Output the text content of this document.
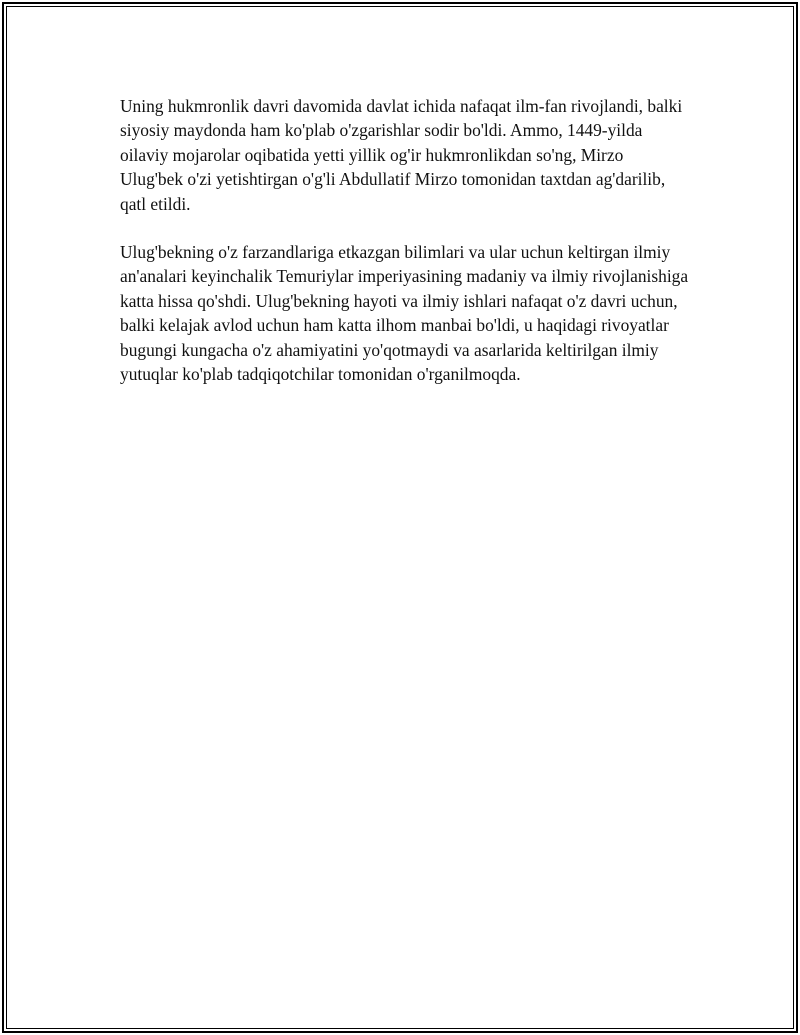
Uning hukmronlik davri davomida davlat ichida nafaqat ilm-fan rivojlandi, balki siyosiy maydonda ham ko'plab o'zgarishlar sodir bo'ldi. Ammo, 1449-yilda oilaviy mojarolar oqibatida yetti yillik og'ir hukmronlikdan so'ng, Mirzo Ulug'bek o'zi yetishtirgan o'g'li Abdullatif Mirzo tomonidan taxtdan ag'darilib, qatl etildi.

Ulug'bekning o'z farzandlariga etkazgan bilimlari va ular uchun keltirgan ilmiy an'analari keyinchalik Temuriylar imperiyasining madaniy va ilmiy rivojlanishiga katta hissa qo'shdi. Ulug'bekning hayoti va ilmiy ishlari nafaqat o'z davri uchun, balki kelajak avlod uchun ham katta ilhom manbai bo'ldi, u haqidagi rivoyatlar bugungi kungacha o'z ahamiyatini yo'qotmaydi va asarlarida keltirilgan ilmiy yutuqlar ko'plab tadqiqotchilar tomonidan o'rganilmoqda.
